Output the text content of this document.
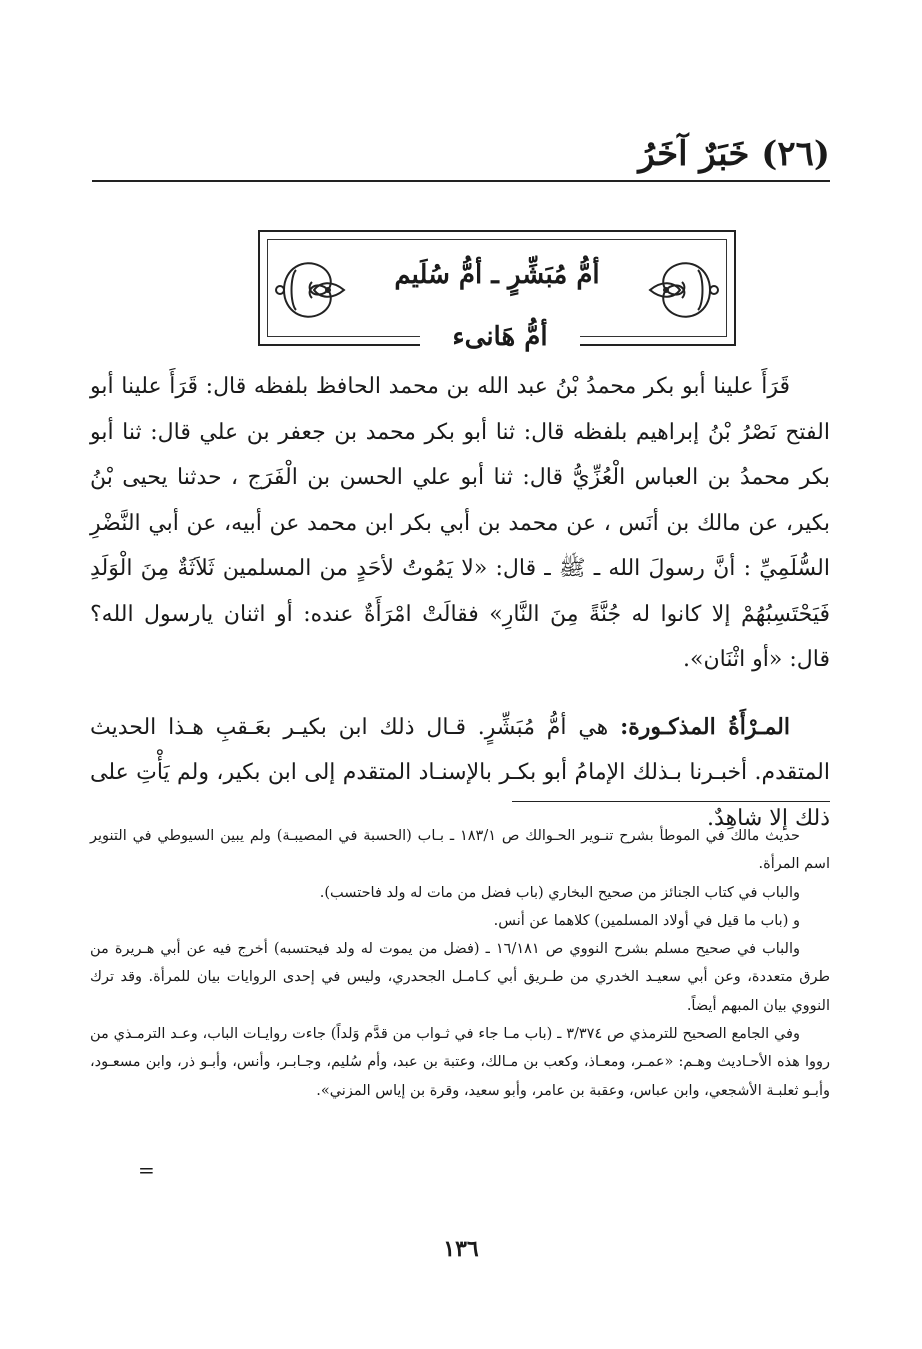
(٢٦) خَبَرٌ آخَرُ
أمُّ مُبَشِّرٍ ـ أمُّ سُلَيم
أمُّ هَانىء

قَرَأَ علينا أبو بكر محمدُ بْنُ عبد الله بن محمد الحافظ بلفظه قال: قَرَأَ علينا أبو الفتح نَصْرُ بْنُ إبراهيم بلفظه قال: ثنا أبو بكر محمد بن جعفر بن علي قال: ثنا أبو بكر محمدُ بن العباس الْعُزِّيُّ قال: ثنا أبو علي الحسن بن الْفَرَج ، حدثنا يحيى بْنُ بكير، عن مالك بن أنَس ، عن محمد بن أبي بكر ابن محمد عن أبيه، عن أبي النَّضْرِ السُّلَمِيِّ : أنَّ رسولَ الله ـ ﷺ ـ قال: «لا يَمُوتُ لأحَدٍ من المسلمين ثَلاَثَةٌ مِنَ الْوَلَدِ فَيَحْتَسِبُهُمْ إلا كانوا له جُنَّةً مِنَ النَّارِ» فقالَتْ امْرَأَةٌ عنده: أو اثنان يارسول الله؟ قال: «أو اثْنَان».

المـرْأَةُ المذكـورة: هي أمُّ مُبَشِّرٍ. قـال ذلك ابن بكيـر بعَـقبِ هـذا الحديث المتقدم. أخبـرنا بـذلك الإمامُ أبو بكـر بالإسنـاد المتقدم إلى ابن بكير، ولم يَأْتِ على ذلك إلا شاهِدٌ.

حديث مالك في الموطأ بشرح تنـوير الحـوالك ص ١٨٣/١ ـ بـاب (الحسبة في المصيبـة) ولم يبين السيوطي في التنوير اسم المرأة.

والباب في كتاب الجنائز من صحيح البخاري (باب فضل من مات له ولد فاحتسب).

و (باب ما قيل في أولاد المسلمين) كلاهما عن أنس.

والباب في صحيح مسلم بشرح النووي ص ١٦/١٨١ ـ (فضل من يموت له ولد فيحتسبه) أخرج فيه عن أبي هـريرة من طرق متعددة، وعن أبي سعيـد الخدري من طـريق أبي كـامـل الجحدري، وليس في إحدى الروايات بيان للمرأة. وقد ترك النووي بيان المبهم أيضاً.

وفي الجامع الصحيح للترمذي ص ٣/٣٧٤ ـ (باب مـا جاء في ثـواب من قدَّم وَلداً) جاءت روايـات الباب، وعـد الترمـذي من رووا هذه الأحـاديث وهـم: «عمـر، ومعـاذ، وكعب بن مـالك، وعتبة بن عبد، وأم سُليم، وجـابـر، وأنس، وأبـو ذر، وابن مسعـود، وأبـو ثعلبـة الأشجعي، وابن عباس، وعقبة بن عامر، وأبو سعيد، وقرة بن إياس المزني».

=
١٣٦
